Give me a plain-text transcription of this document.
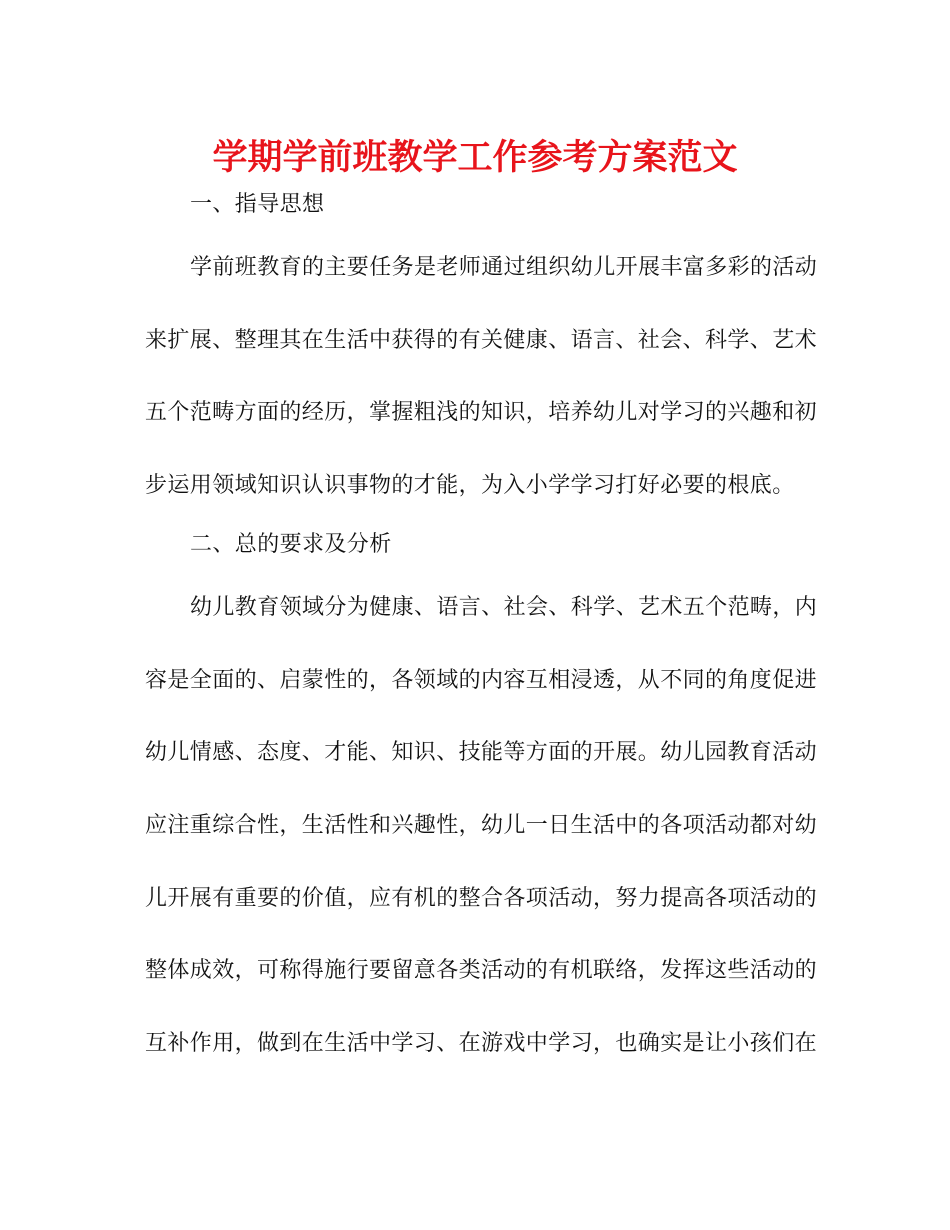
学期学前班教学工作参考方案范文
一、指导思想
学前班教育的主要任务是老师通过组织幼儿开展丰富多彩的活动
来扩展、整理其在生活中获得的有关健康、语言、社会、科学、艺术
五个范畴方面的经历，掌握粗浅的知识，培养幼儿对学习的兴趣和初
步运用领域知识认识事物的才能，为入小学学习打好必要的根底。
二、总的要求及分析
幼儿教育领域分为健康、语言、社会、科学、艺术五个范畴，内
容是全面的、启蒙性的，各领域的内容互相浸透，从不同的角度促进
幼儿情感、态度、才能、知识、技能等方面的开展。幼儿园教育活动
应注重综合性，生活性和兴趣性，幼儿一日生活中的各项活动都对幼
儿开展有重要的价值，应有机的整合各项活动，努力提高各项活动的
整体成效，可称得施行要留意各类活动的有机联络，发挥这些活动的
互补作用，做到在生活中学习、在游戏中学习，也确实是让小孩们在
